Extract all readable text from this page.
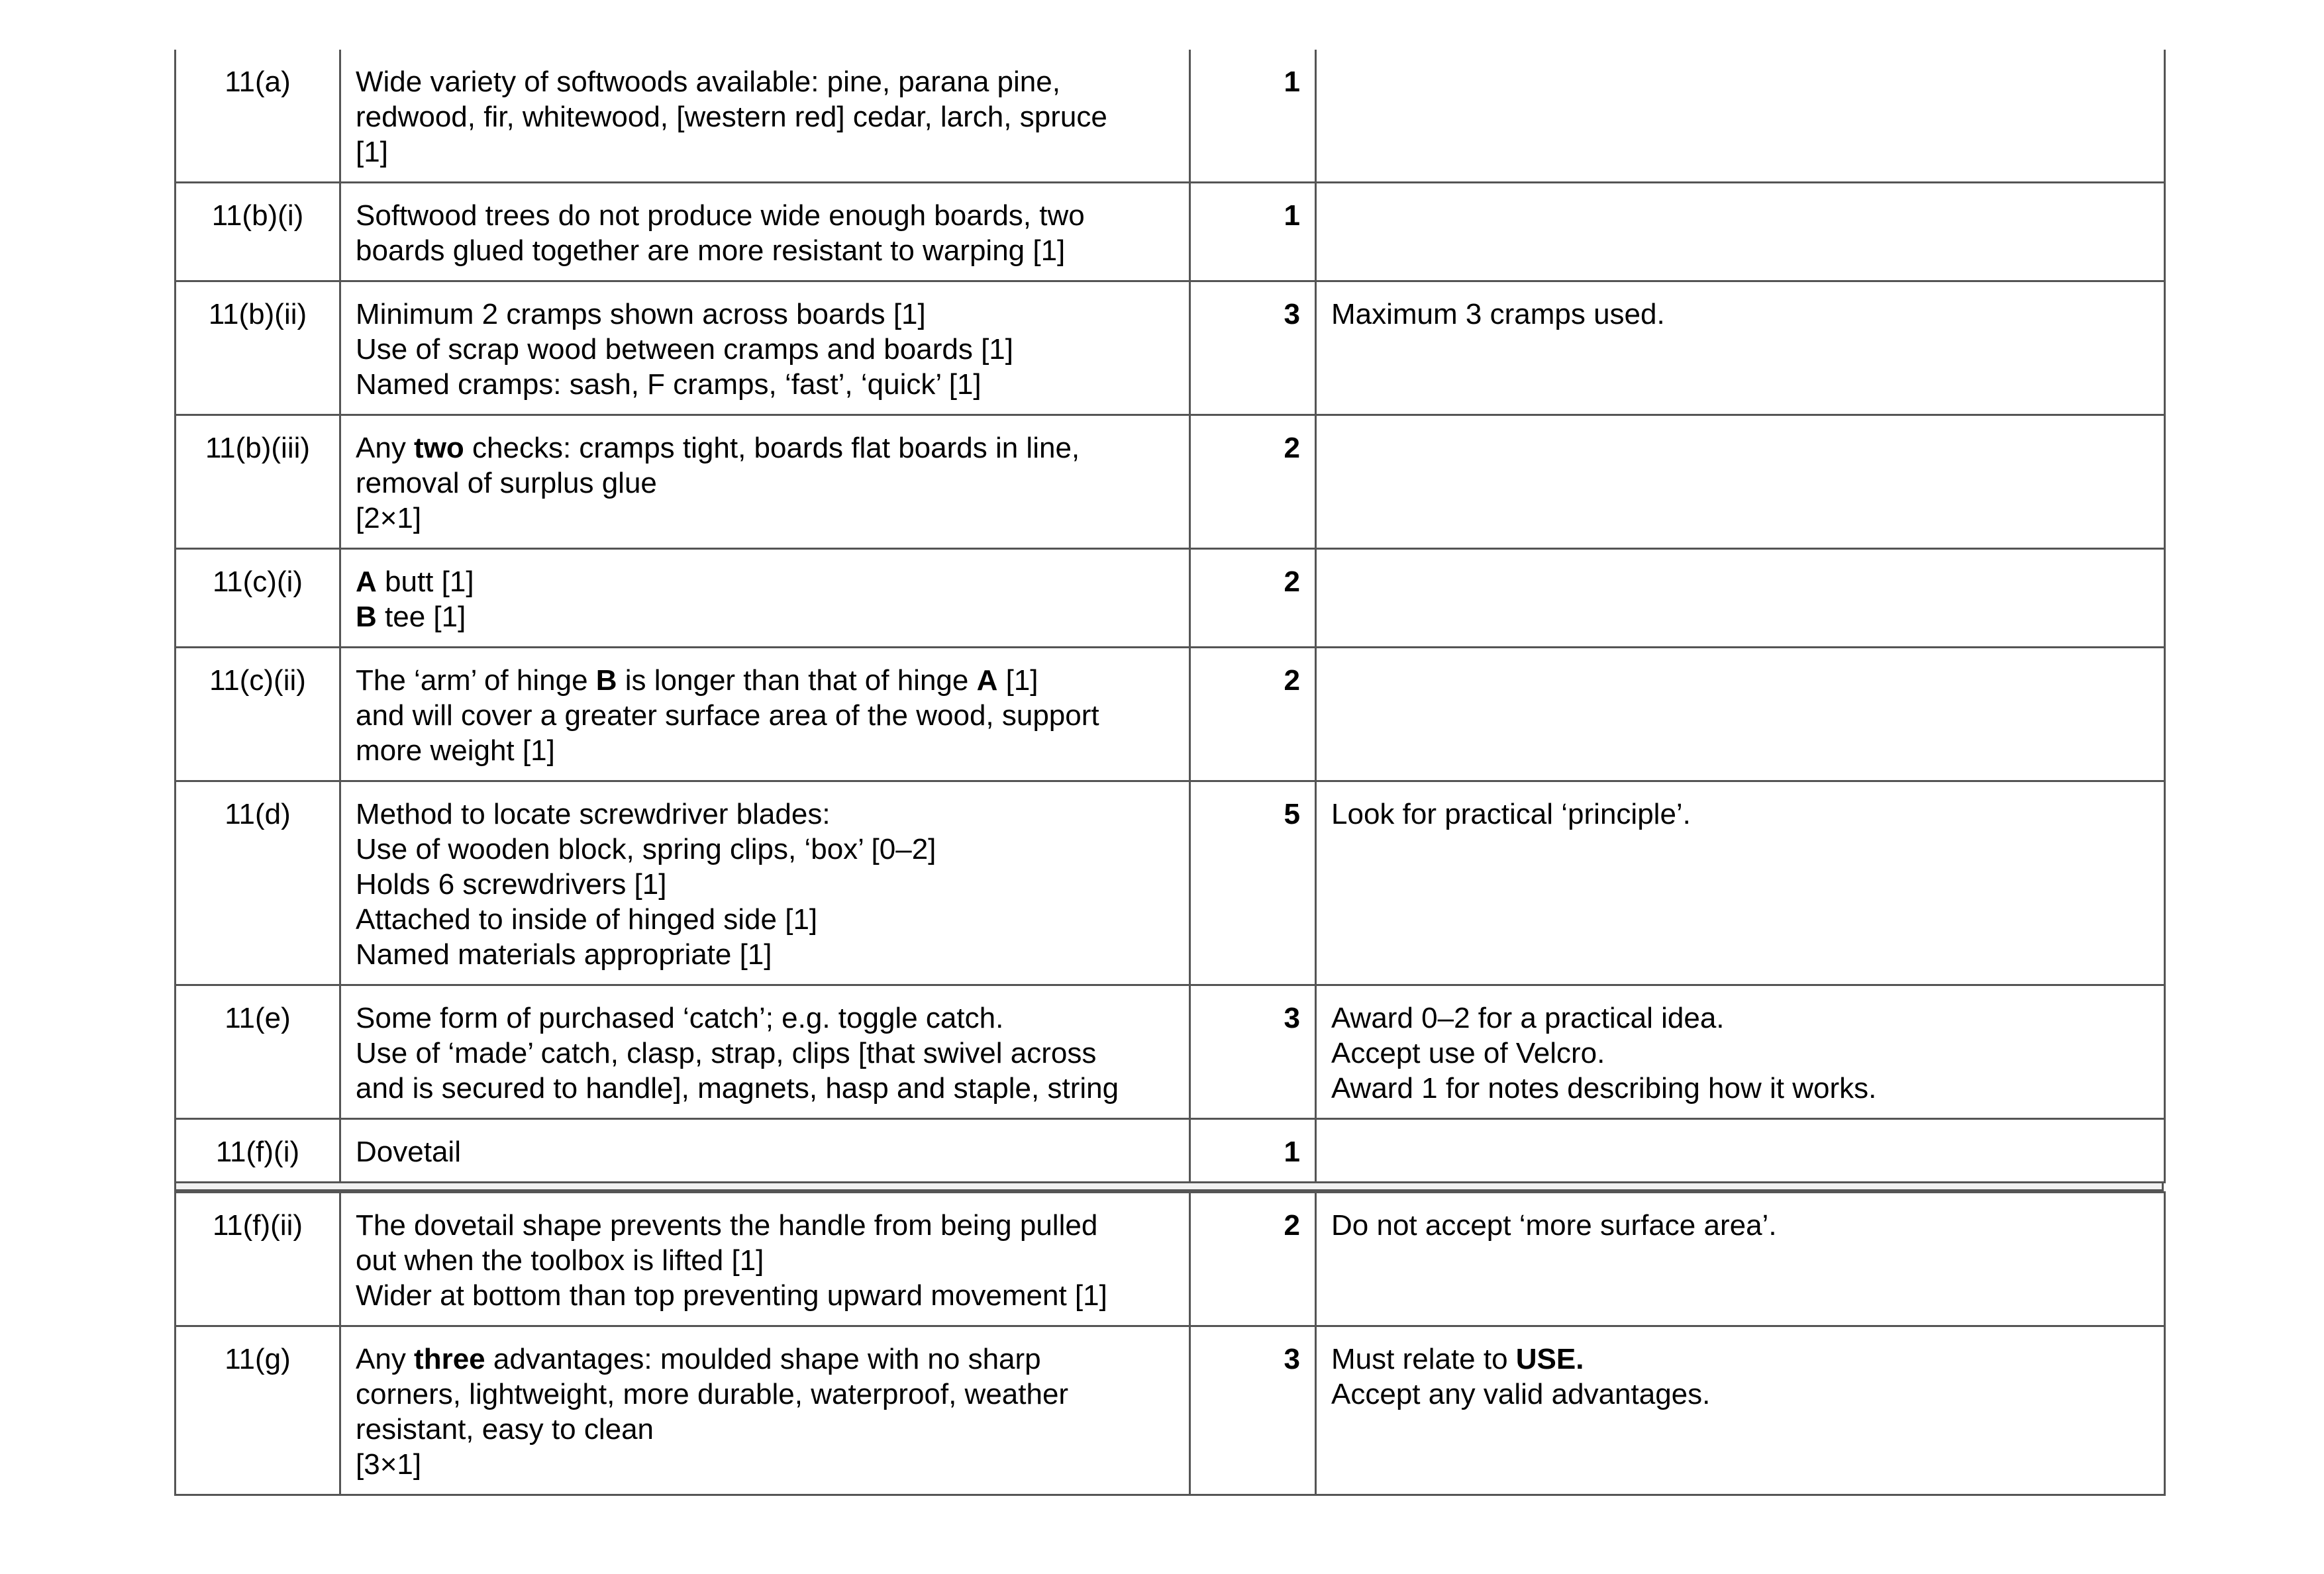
11(a)	Wide variety of softwoods available: pine, parana pine,
redwood, fir, whitewood, [western red] cedar, larch, spruce
[1]	1	
11(b)(i)	Softwood trees do not produce wide enough boards, two
boards glued together are more resistant to warping [1]	1	
11(b)(ii)	Minimum 2 cramps shown across boards [1]
Use of scrap wood between cramps and boards [1]
Named cramps: sash, F cramps, ‘fast’, ‘quick’ [1]	3	Maximum 3 cramps used.

11(b)(iii)	Any two checks: cramps tight, boards flat boards in line,
removal of surplus glue
[2×1]	2	
11(c)(i)	A butt [1]
B tee [1]	2	
11(c)(ii)	The ‘arm’ of hinge B is longer than that of hinge A [1]
and will cover a greater surface area of the wood, support
more weight [1]	2	
11(d)	Method to locate screwdriver blades:
Use of wooden block, spring clips, ‘box’ [0–2]
Holds 6 screwdrivers [1]
Attached to inside of hinged side [1]
Named materials appropriate [1]	5	Look for practical ‘principle’.

11(e)	Some form of purchased ‘catch’; e.g. toggle catch.
Use of ‘made’ catch, clasp, strap, clips [that swivel across
and is secured to handle], magnets, hasp and staple, string	3	Award 0–2 for a practical idea.
Accept use of Velcro.
Award 1 for notes describing how it works.

11(f)(i)	Dovetail	1	
11(f)(ii)	The dovetail shape prevents the handle from being pulled
out when the toolbox is lifted [1]
Wider at bottom than top preventing upward movement [1]	2	Do not accept ‘more surface area’.

11(g)	Any three advantages: moulded shape with no sharp
corners, lightweight, more durable, waterproof, weather
resistant, easy to clean
[3×1]	3	Must relate to USE.
Accept any valid advantages.
